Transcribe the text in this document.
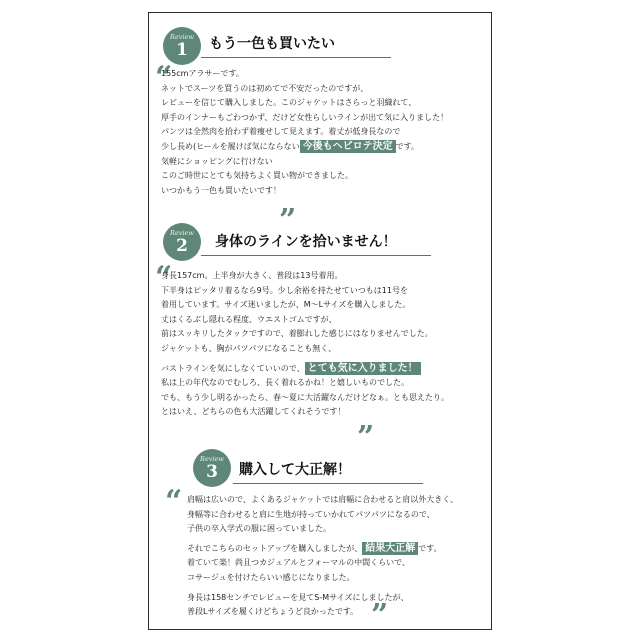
Review
1	もう一色も買いたい
“
155cmアラサーです。
ネットでスーツを買うのは初めてで不安だったのですが、
レビューを信じて購入しました。このジャケットはさらっと羽織れて、
厚手のインナーもごわつかず、だけど女性らしいラインが出て気に入りました！
パンツは全然肉を拾わず着痩せして見えます。着丈が低身長なので
少し長め(ヒールを履けば気にならない 今後もヘビロテ決定 です。
気軽にショッピングに行けない
このご時世にとても気持ちよく買い物ができました。
いつかもう一色も買いたいです！
”
Review
2	身体のラインを拾いません！
“
身長157cm。上半身が大きく、普段は13号着用。
下半身はピッタリ着るなら9号。少し余裕を持たせていつもは11号を
着用しています。サイズ迷いましたが、M～Lサイズを購入しました。
丈はくるぶし隠れる程度、ウエストゴムですが、
前はスッキリしたタックですので、着膨れした感じにはなりませんでした。
ジャケットも、胸がパツパツになることも無く、
バストラインを気にしなくていいので、 とても気に入りました！
私は上の年代なのでむしろ、長く着れるかね！と嬉しいものでした。
でも、もう少し明るかったら、春～夏に大活躍なんだけどなぁ。とも思えたり。
とはいえ、どちらの色も大活躍してくれそうです！
”
Review
3	購入して大正解！
“ 肩幅は広いので、よくあるジャケットでは肩幅に合わせると肩以外大きく、
身幅等に合わせると肩に生地が持っていかれてパツパツになるので、
子供の卒入学式の服に困っていました。
それでこちらのセットアップを購入しましたが、 結果大正解 です。
着ていて楽！尚且つカジュアルとフォーマルの中間くらいで、
コサージュを付けたらいい感じになりました。
身長は158センチでレビューを見てS-Mサイズにしましたが、
普段Lサイズを履くけどちょうど良かったです。 ”
